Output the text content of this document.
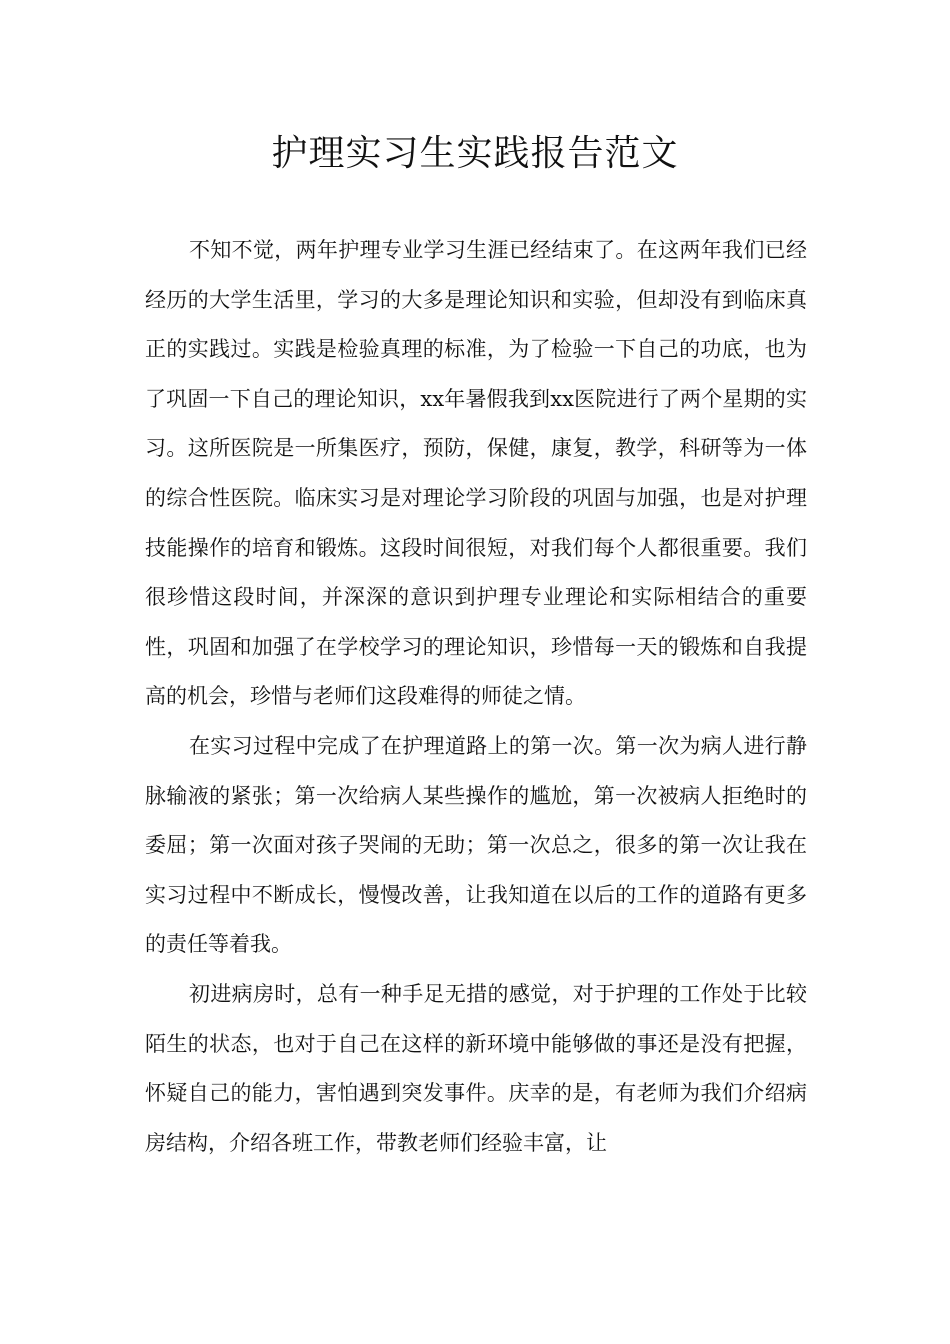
护理实习生实践报告范文

不知不觉，两年护理专业学习生涯已经结束了。在这两年我们已经经历的大学生活里，学习的大多是理论知识和实验，但却没有到临床真正的实践过。实践是检验真理的标准，为了检验一下自己的功底，也为了巩固一下自己的理论知识，xx年暑假我到xx医院进行了两个星期的实习。这所医院是一所集医疗，预防，保健，康复，教学，科研等为一体的综合性医院。临床实习是对理论学习阶段的巩固与加强，也是对护理技能操作的培育和锻炼。这段时间很短，对我们每个人都很重要。我们很珍惜这段时间，并深深的意识到护理专业理论和实际相结合的重要性，巩固和加强了在学校学习的理论知识，珍惜每一天的锻炼和自我提高的机会，珍惜与老师们这段难得的师徒之情。

在实习过程中完成了在护理道路上的第一次。第一次为病人进行静脉输液的紧张；第一次给病人某些操作的尴尬，第一次被病人拒绝时的委屈；第一次面对孩子哭闹的无助；第一次总之，很多的第一次让我在实习过程中不断成长，慢慢改善，让我知道在以后的工作的道路有更多的责任等着我。

初进病房时，总有一种手足无措的感觉，对于护理的工作处于比较陌生的状态，也对于自己在这样的新环境中能够做的事还是没有把握，怀疑自己的能力，害怕遇到突发事件。庆幸的是，有老师为我们介绍病房结构，介绍各班工作，带教老师们经验丰富，让
